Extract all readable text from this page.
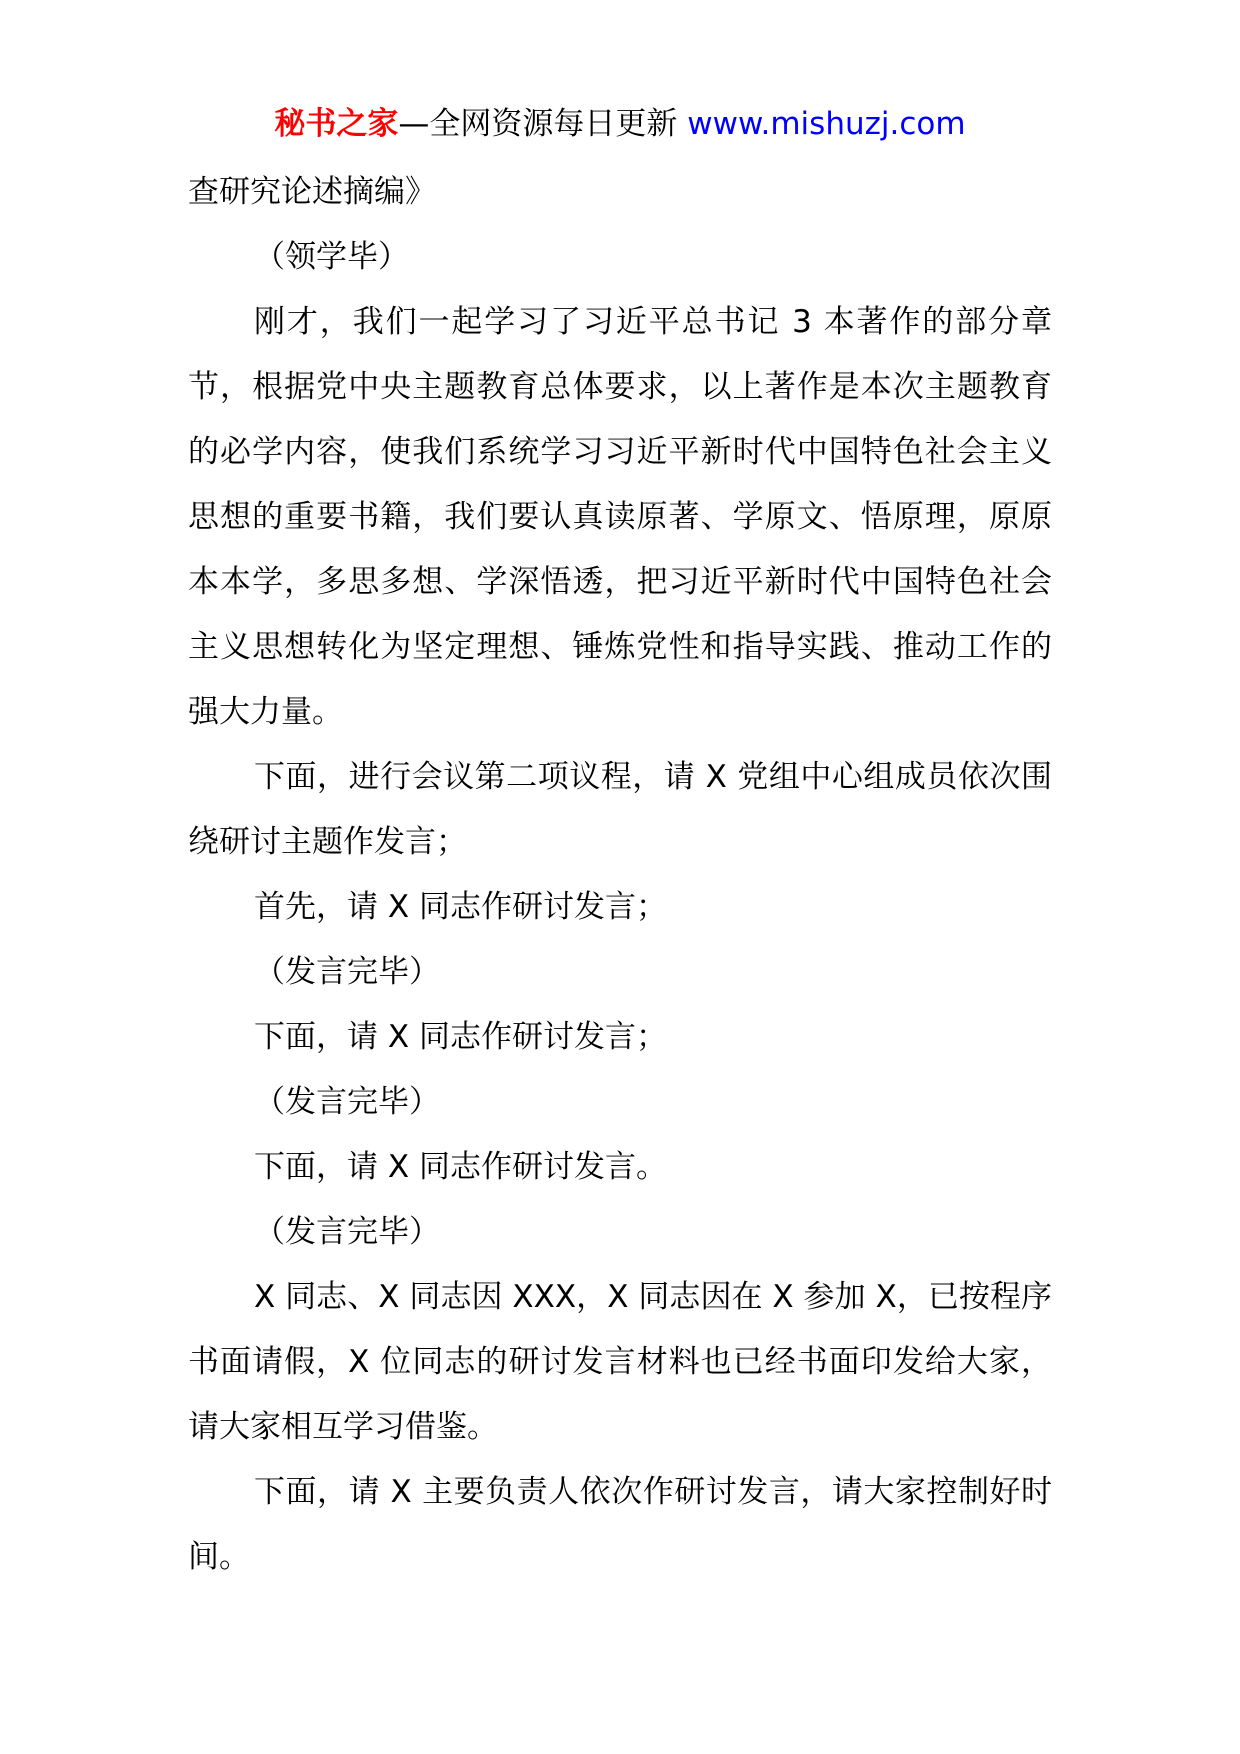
秘书之家—全网资源每日更新 www.mishuzj.com

查研究论述摘编》

（领学毕）

刚才，我们一起学习了习近平总书记 3 本著作的部分章节，根据党中央主题教育总体要求，以上著作是本次主题教育的必学内容，使我们系统学习习近平新时代中国特色社会主义思想的重要书籍，我们要认真读原著、学原文、悟原理，原原本本学，多思多想、学深悟透，把习近平新时代中国特色社会主义思想转化为坚定理想、锤炼党性和指导实践、推动工作的强大力量。

下面，进行会议第二项议程，请 X 党组中心组成员依次围绕研讨主题作发言；

首先，请 X 同志作研讨发言；

（发言完毕）

下面，请 X 同志作研讨发言；

（发言完毕）

下面，请 X 同志作研讨发言。

（发言完毕）

X 同志、X 同志因 XXX，X 同志因在 X 参加 X，已按程序书面请假，X 位同志的研讨发言材料也已经书面印发给大家，请大家相互学习借鉴。

下面，请 X 主要负责人依次作研讨发言，请大家控制好时间。
